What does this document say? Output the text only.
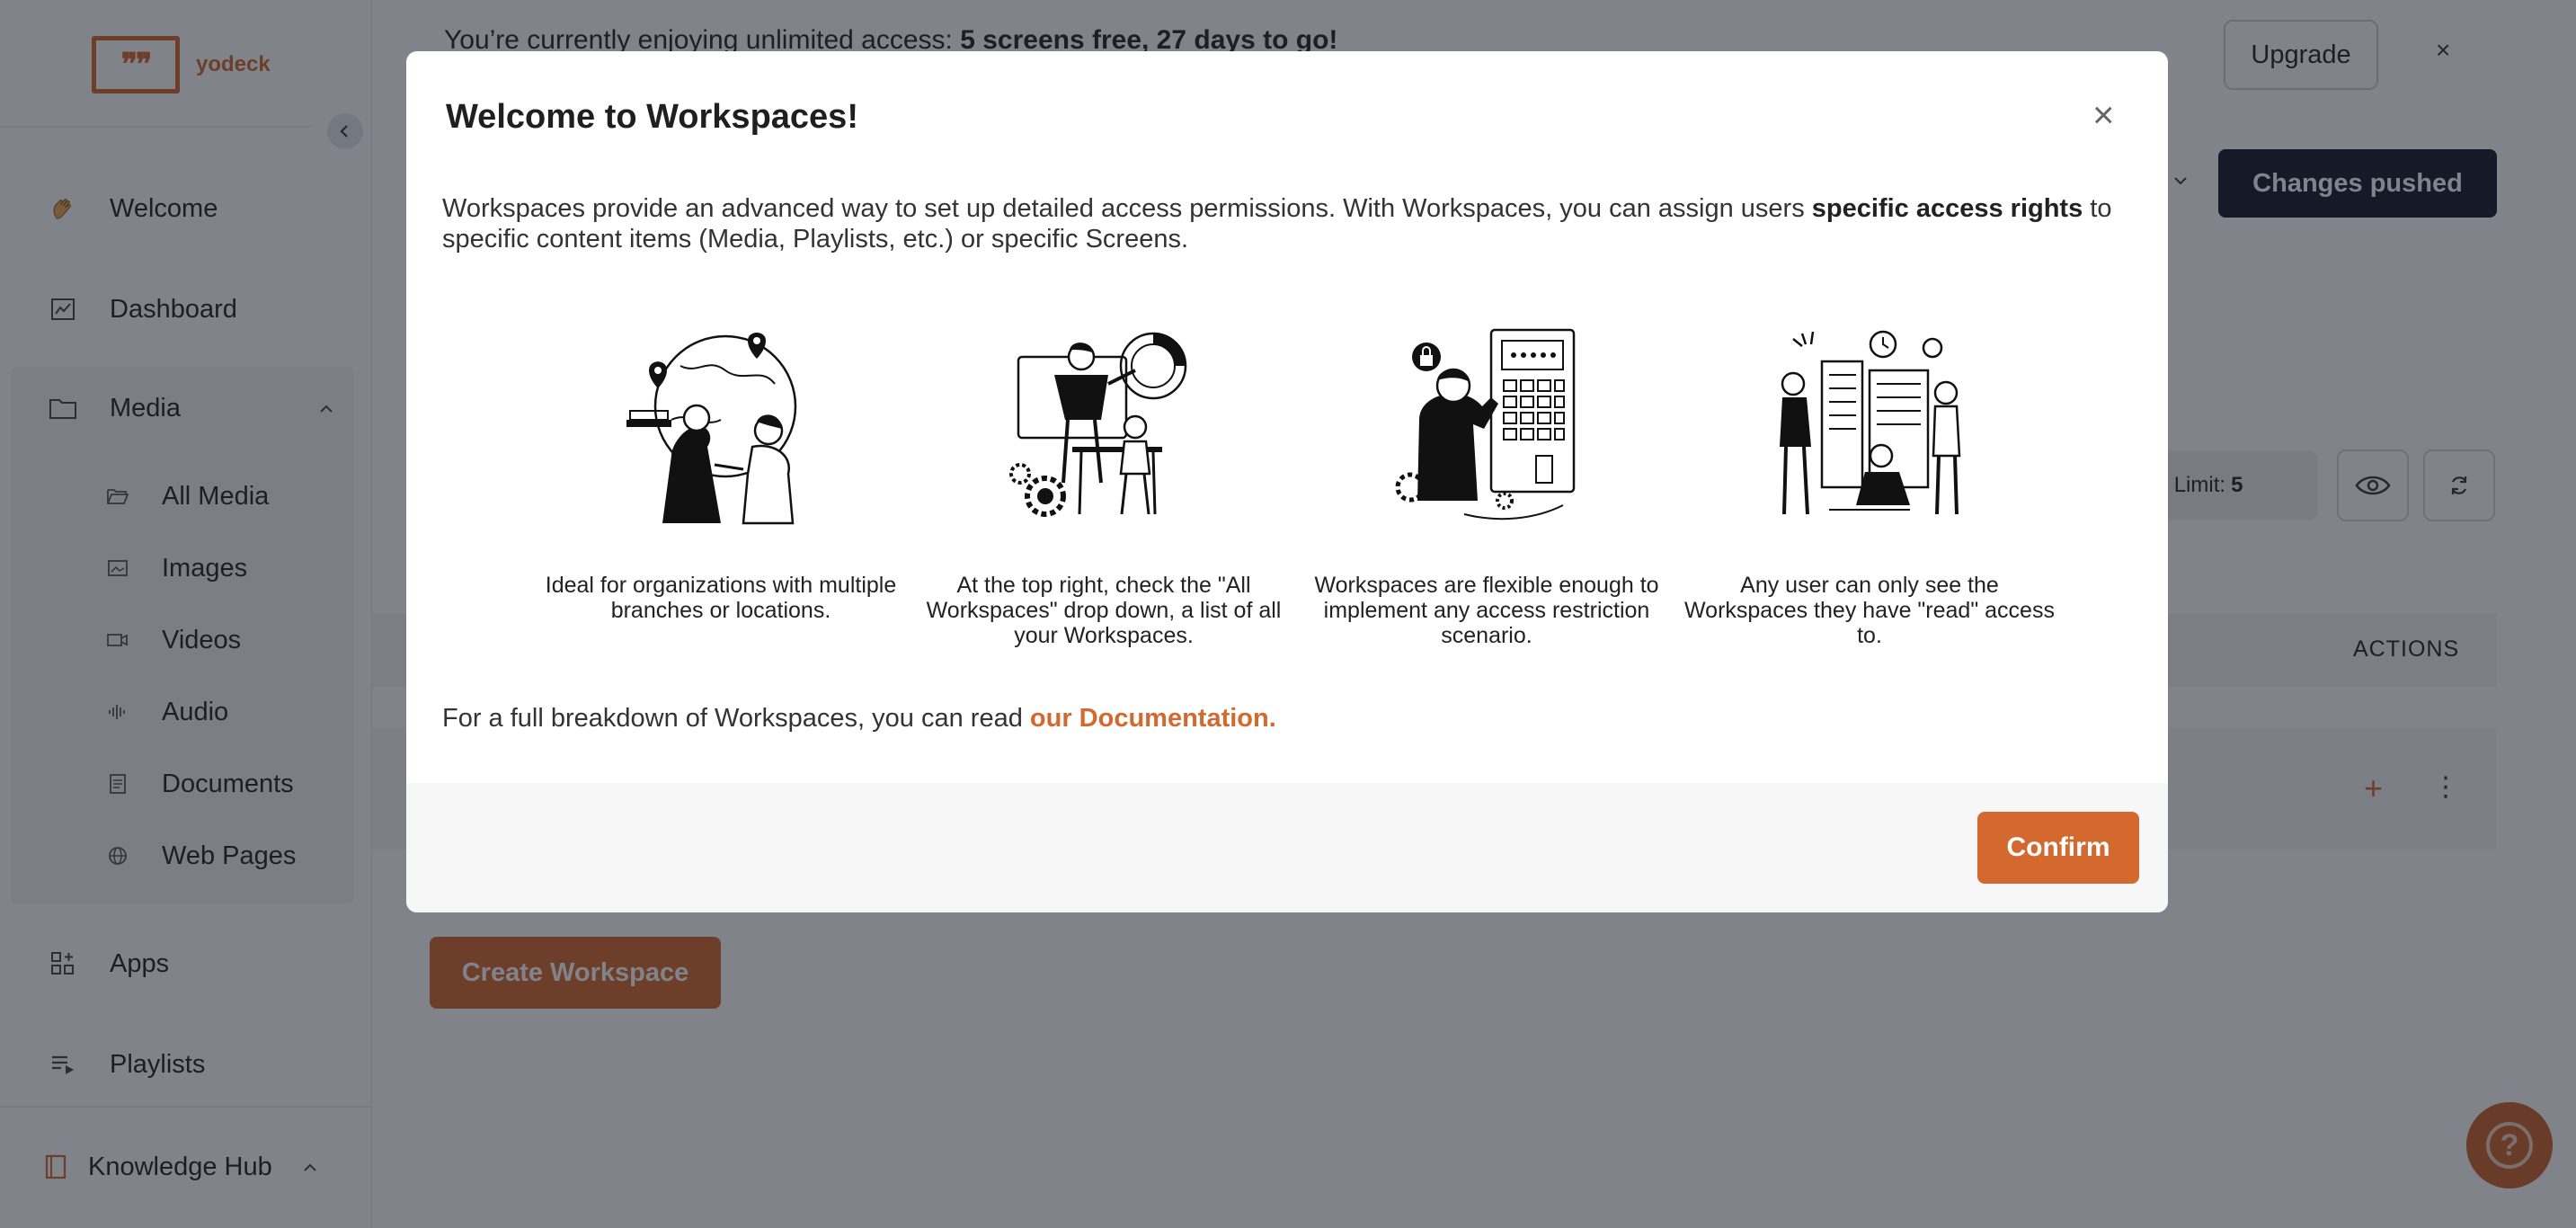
Welcome to Workspaces!	×

Workspaces provide an advanced way to set up detailed access permissions. With Workspaces, you can assign users specific access rights to specific content items (Media, Playlists, etc.) or specific Screens.

Ideal for organizations with multiple branches or locations.
At the top right, check the "All Workspaces" drop down, a list of all your Workspaces.
Workspaces are flexible enough to implement any access restriction scenario.
Any user can only see the Workspaces they have "read" access to.

For a full breakdown of Workspaces, you can read our Documentation.

Confirm
